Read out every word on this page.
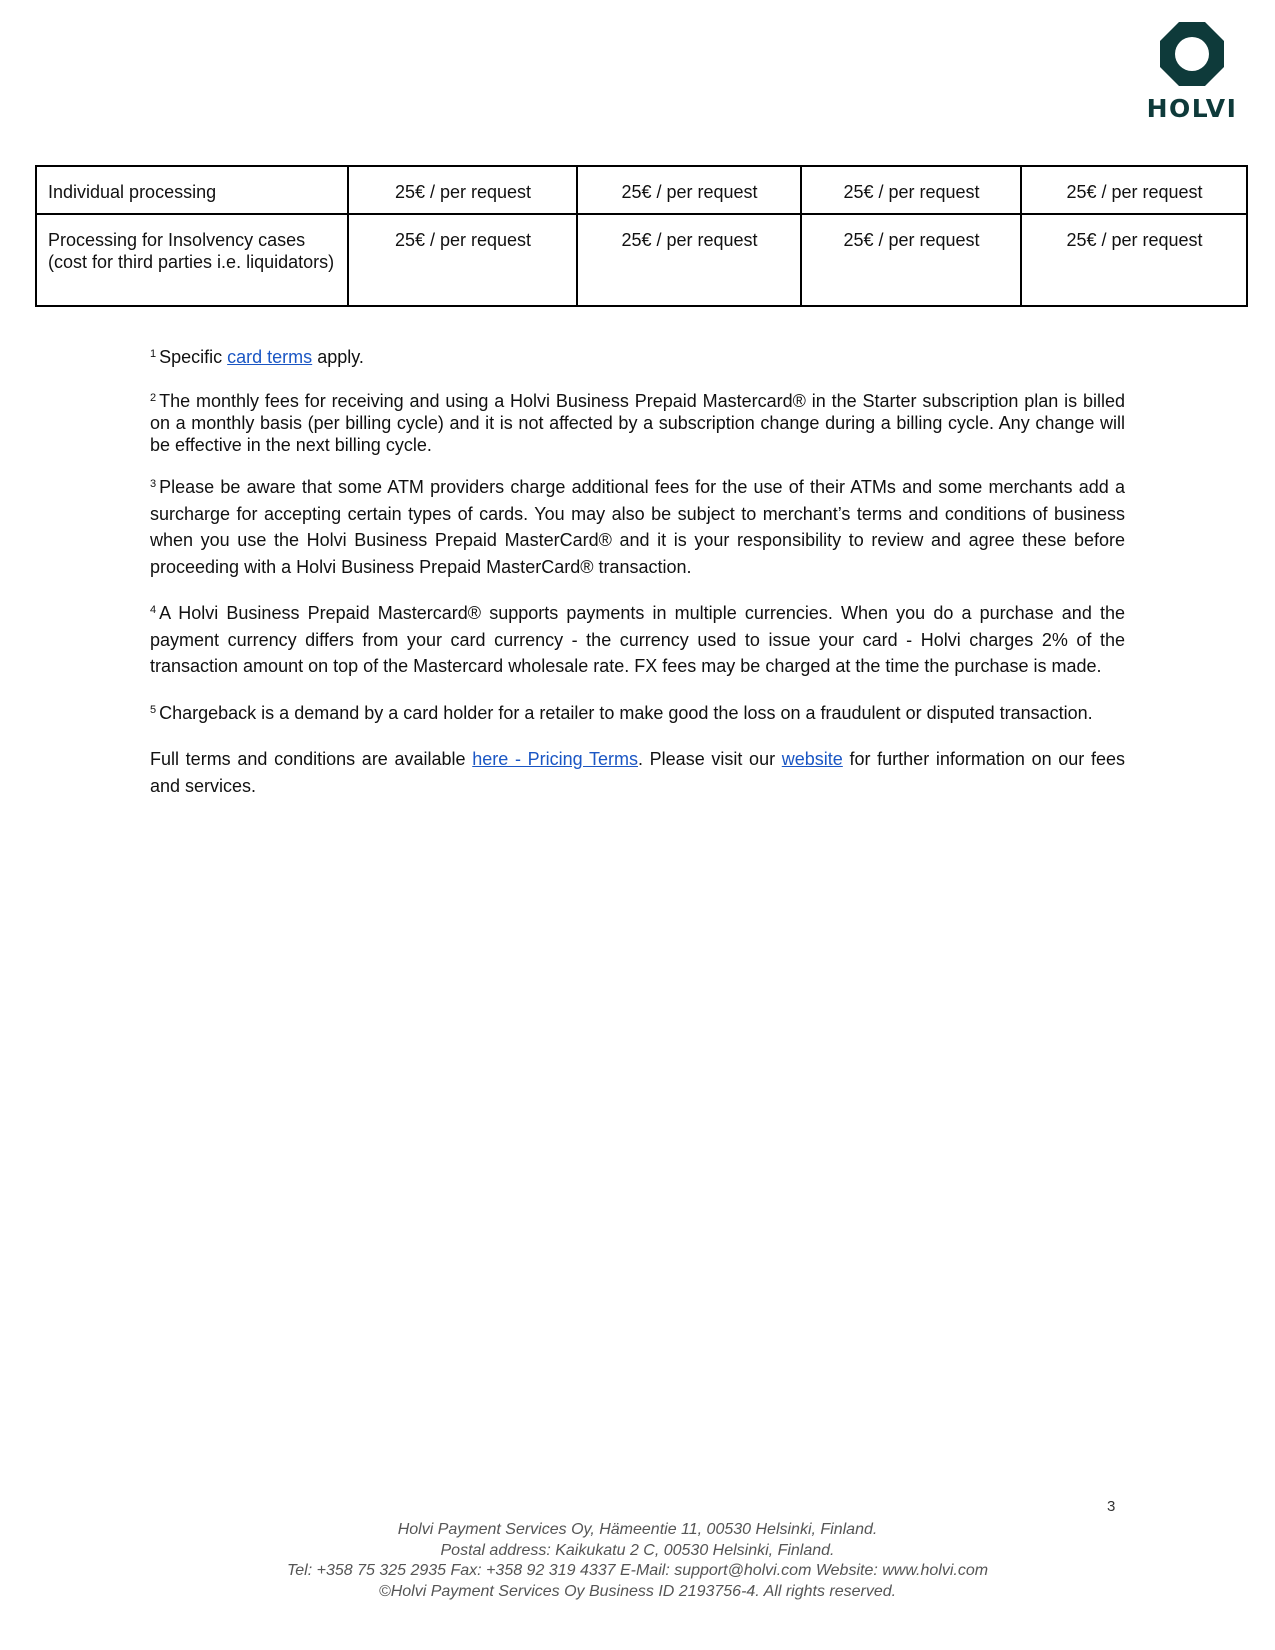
HOLVI
Individual processing	25€ / per request	25€ / per request	25€ / per request	25€ / per request
Processing for Insolvency cases (cost for third parties i.e. liquidators)	25€ / per request	25€ / per request	25€ / per request	25€ / per request

$^1$ Specific card terms apply.

$^2$ The monthly fees for receiving and using a Holvi Business Prepaid Mastercard® in the Starter subscription plan is billed on a monthly basis (per billing cycle) and it is not affected by a subscription change during a billing cycle. Any change will be effective in the next billing cycle.

$^3$ Please be aware that some ATM providers charge additional fees for the use of their ATMs and some merchants add a surcharge for accepting certain types of cards. You may also be subject to merchant’s terms and conditions of business when you use the Holvi Business Prepaid MasterCard® and it is your responsibility to review and agree these before proceeding with a Holvi Business Prepaid MasterCard® transaction.

$^4$ A Holvi Business Prepaid Mastercard® supports payments in multiple currencies. When you do a purchase and the payment currency differs from your card currency - the currency used to issue your card - Holvi charges 2% of the transaction amount on top of the Mastercard wholesale rate. FX fees may be charged at the time the purchase is made.

$^5$ Chargeback is a demand by a card holder for a retailer to make good the loss on a fraudulent or disputed transaction.

Full terms and conditions are available here - Pricing Terms. Please visit our website for further information on our fees and services.

3
Holvi Payment Services Oy, Hämeentie 11, 00530 Helsinki, Finland.
Postal address: Kaikukatu 2 C, 00530 Helsinki, Finland.
Tel: +358 75 325 2935 Fax: +358 92 319 4337 E-Mail: support@holvi.com Website: www.holvi.com
©Holvi Payment Services Oy Business ID 2193756-4. All rights reserved.
